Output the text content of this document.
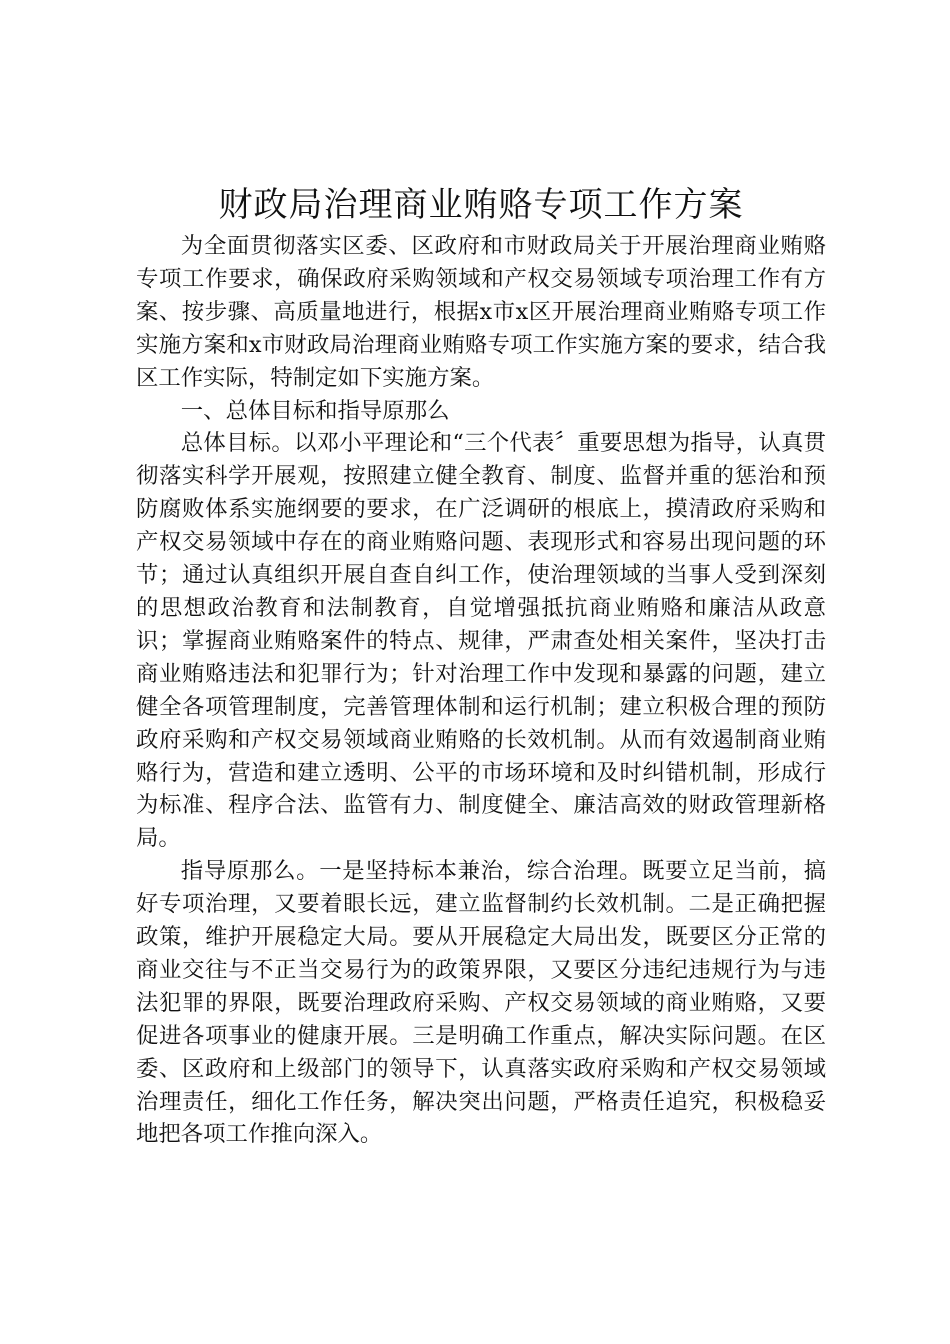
财政局治理商业贿赂专项工作方案

为全面贯彻落实区委、区政府和市财政局关于开展治理商业贿赂专项工作要求，确保政府采购领域和产权交易领域专项治理工作有方案、按步骤、高质量地进行，根据x市x区开展治理商业贿赂专项工作实施方案和x市财政局治理商业贿赂专项工作实施方案的要求，结合我区工作实际，特制定如下实施方案。

一、总体目标和指导原那么

总体目标。以邓小平理论和“三个代表〞重要思想为指导，认真贯彻落实科学开展观，按照建立健全教育、制度、监督并重的惩治和预防腐败体系实施纲要的要求，在广泛调研的根底上，摸清政府采购和产权交易领域中存在的商业贿赂问题、表现形式和容易出现问题的环节；通过认真组织开展自查自纠工作，使治理领域的当事人受到深刻的思想政治教育和法制教育，自觉增强抵抗商业贿赂和廉洁从政意识；掌握商业贿赂案件的特点、规律，严肃查处相关案件，坚决打击商业贿赂违法和犯罪行为；针对治理工作中发现和暴露的问题，建立健全各项管理制度，完善管理体制和运行机制；建立积极合理的预防政府采购和产权交易领域商业贿赂的长效机制。从而有效遏制商业贿赂行为，营造和建立透明、公平的市场环境和及时纠错机制，形成行为标准、程序合法、监管有力、制度健全、廉洁高效的财政管理新格局。

指导原那么。一是坚持标本兼治，综合治理。既要立足当前，搞好专项治理，又要着眼长远，建立监督制约长效机制。二是正确把握政策，维护开展稳定大局。要从开展稳定大局出发，既要区分正常的商业交往与不正当交易行为的政策界限，又要区分违纪违规行为与违法犯罪的界限，既要治理政府采购、产权交易领域的商业贿赂，又要促进各项事业的健康开展。三是明确工作重点，解决实际问题。在区委、区政府和上级部门的领导下，认真落实政府采购和产权交易领域治理责任，细化工作任务，解决突出问题，严格责任追究，积极稳妥地把各项工作推向深入。
